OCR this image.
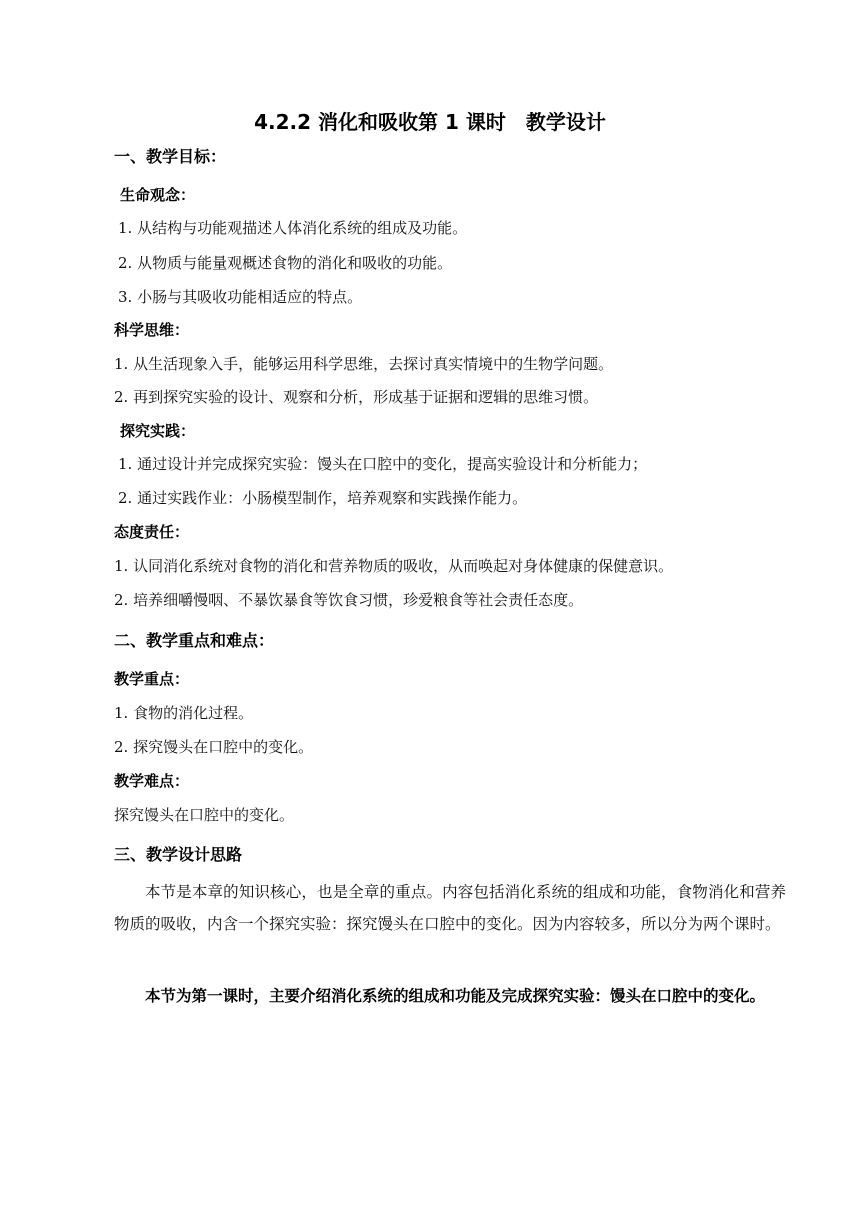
4.2.2 消化和吸收第 1 课时　教学设计
一、教学目标：
生命观念：
1. 从结构与功能观描述人体消化系统的组成及功能。
2. 从物质与能量观概述食物的消化和吸收的功能。
3. 小肠与其吸收功能相适应的特点。
科学思维：
1. 从生活现象入手，能够运用科学思维，去探讨真实情境中的生物学问题。
2. 再到探究实验的设计、观察和分析，形成基于证据和逻辑的思维习惯。
探究实践：
1. 通过设计并完成探究实验：馒头在口腔中的变化，提高实验设计和分析能力；
2. 通过实践作业：小肠模型制作，培养观察和实践操作能力。
态度责任：
1. 认同消化系统对食物的消化和营养物质的吸收，从而唤起对身体健康的保健意识。
2. 培养细嚼慢咽、不暴饮暴食等饮食习惯，珍爱粮食等社会责任态度。
二、教学重点和难点：
教学重点：
1. 食物的消化过程。
2. 探究馒头在口腔中的变化。
教学难点：
探究馒头在口腔中的变化。
三、教学设计思路
本节是本章的知识核心，也是全章的重点。内容包括消化系统的组成和功能，食物消化和营养物质的吸收，内含一个探究实验：探究馒头在口腔中的变化。因为内容较多，所以分为两个课时。
本节为第一课时，主要介绍消化系统的组成和功能及完成探究实验：馒头在口腔中的变化。
